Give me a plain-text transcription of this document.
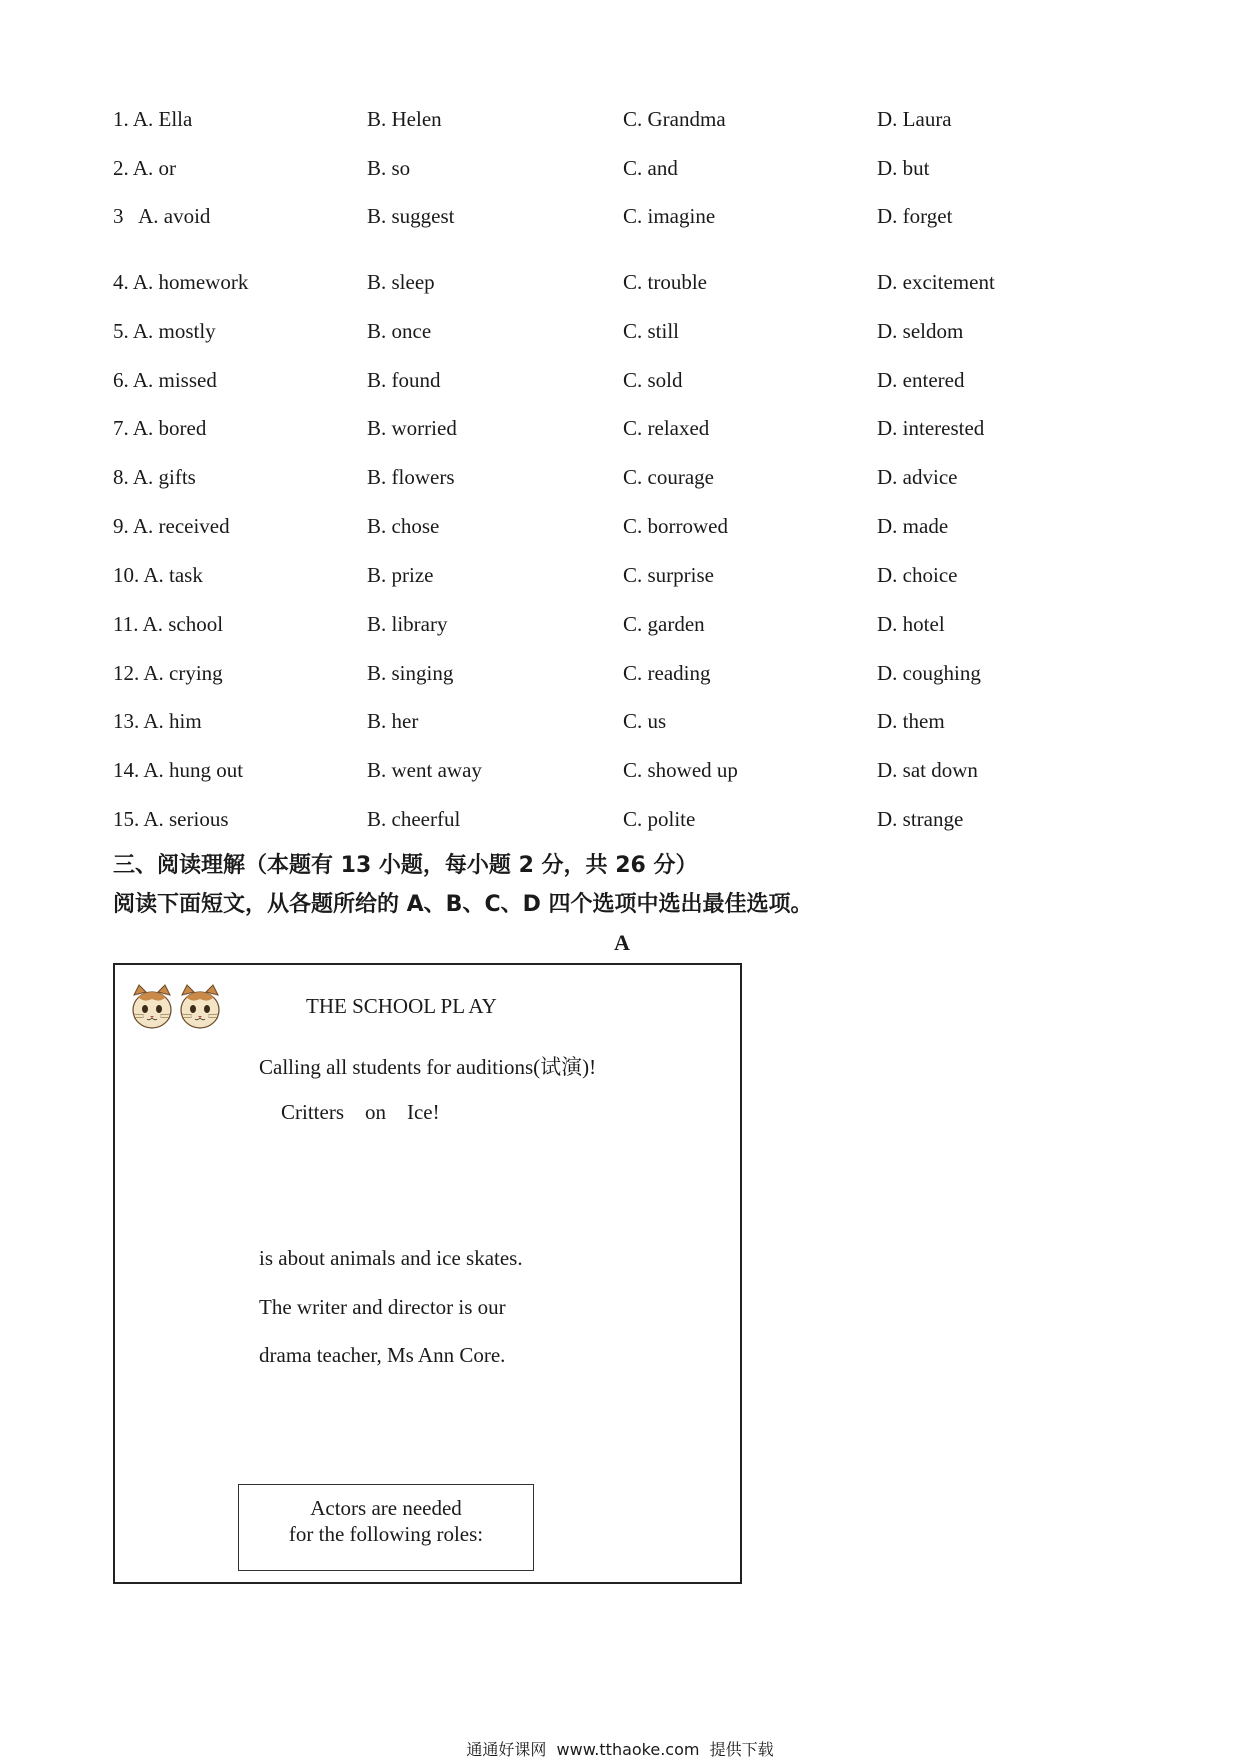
1. A. Ella	B. Helen	C. Grandma	D. Laura
2. A. or	B. so	C. and	D. but
3   A. avoid	B. suggest	C. imagine	D. forget
4. A. homework	B. sleep	C. trouble	D. excitement
5. A. mostly	B. once	C. still	D. seldom
6. A. missed	B. found	C. sold	D. entered
7. A. bored	B. worried	C. relaxed	D. interested
8. A. gifts	B. flowers	C. courage	D. advice
9. A. received	B. chose	C. borrowed	D. made
10. A. task	B. prize	C. surprise	D. choice
11. A. school	B. library	C. garden	D. hotel
12. A. crying	B. singing	C. reading	D. coughing
13. A. him	B. her	C. us	D. them
14. A. hung out	B. went away	C. showed up	D. sat down
15. A. serious	B. cheerful	C. polite	D. strange
三、阅读理解（本题有 13 小题，每小题 2 分，共 26 分）
阅读下面短文，从各题所给的 A、B、C、D 四个选项中选出最佳选项。
A
THE SCHOOL PL AY
Calling all students for auditions(试演)!
Critters    on    Ice!
is about animals and ice skates.
The writer and director is our
drama teacher, Ms Ann Core.
Actors are needed
for the following roles:
通通好课网  www.tthaoke.com  提供下载
